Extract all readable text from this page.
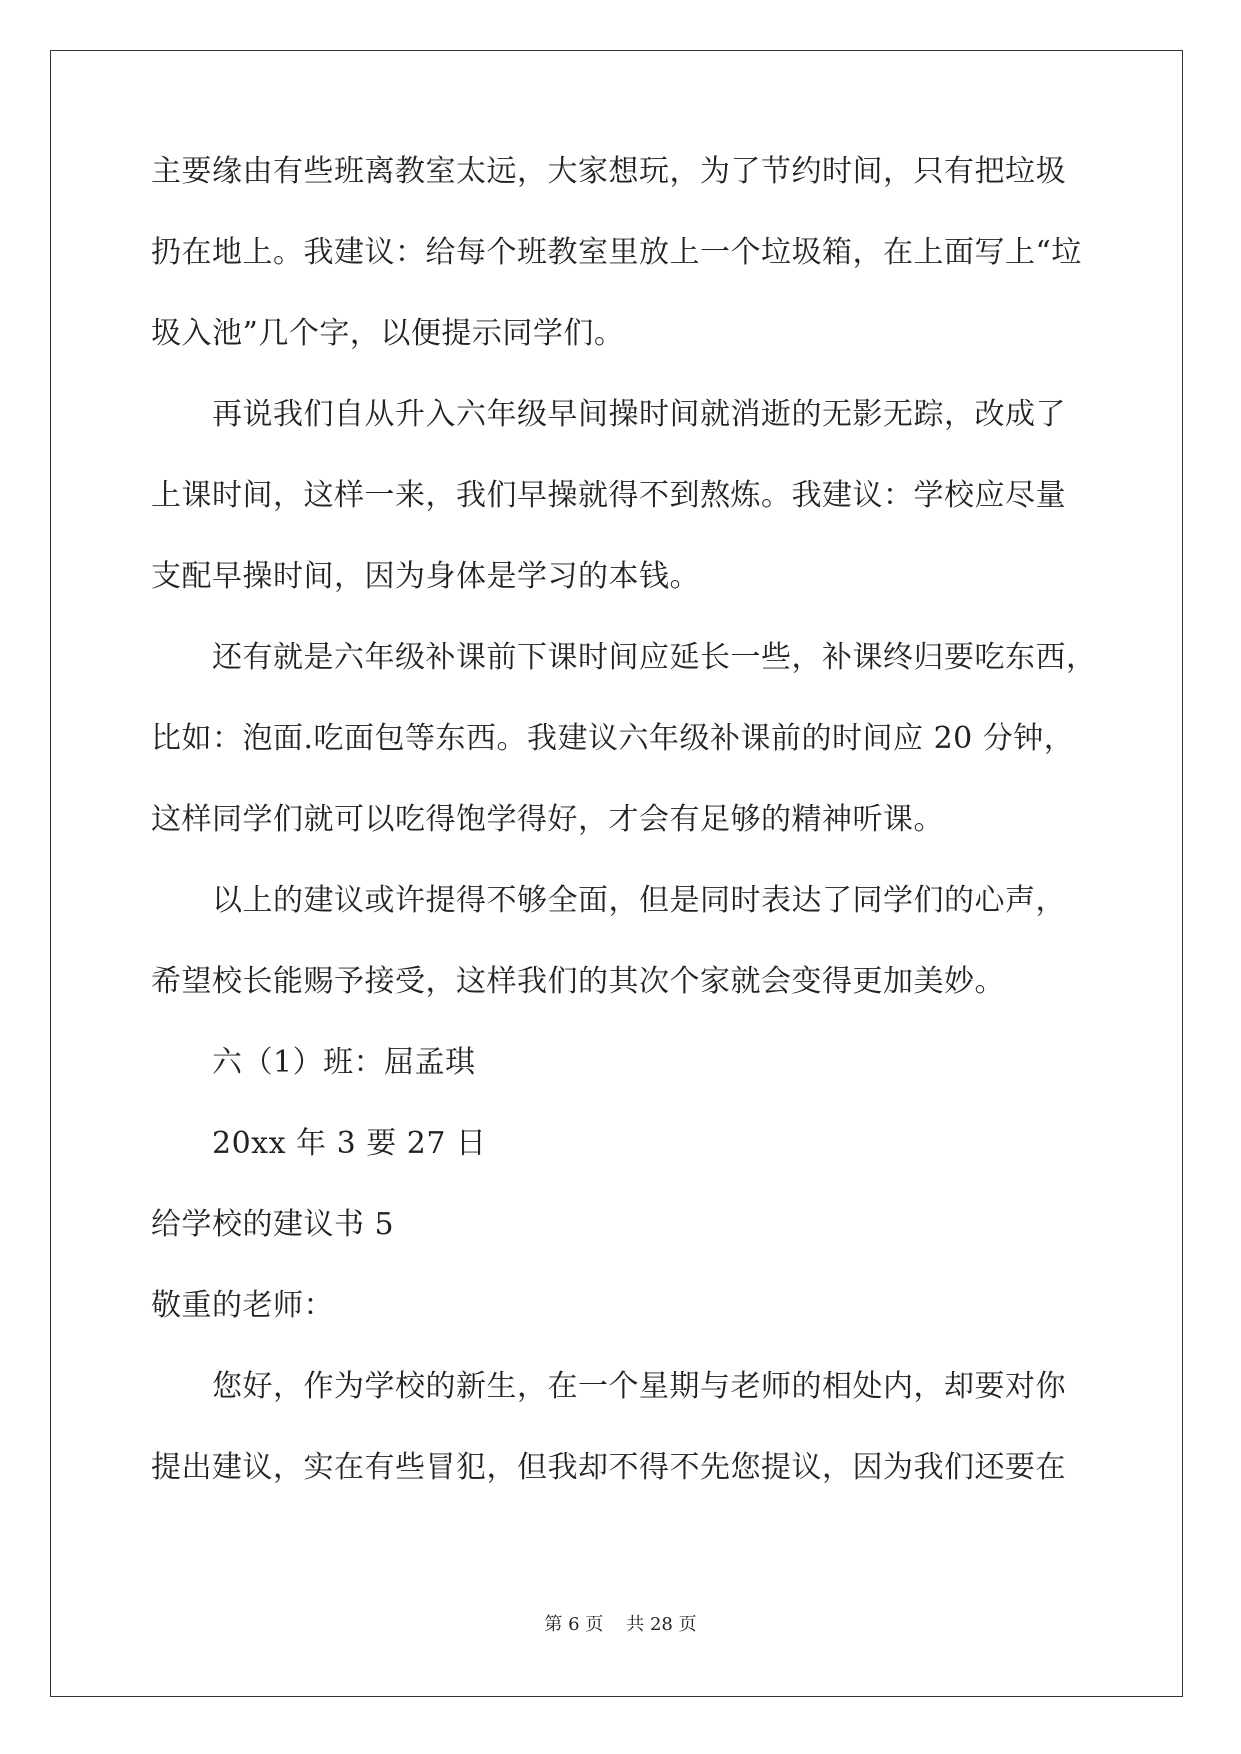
主要缘由有些班离教室太远，大家想玩，为了节约时间，只有把垃圾
扔在地上。我建议：给每个班教室里放上一个垃圾箱，在上面写上“垃
圾入池”几个字，以便提示同学们。
再说我们自从升入六年级早间操时间就消逝的无影无踪，改成了
上课时间，这样一来，我们早操就得不到熬炼。我建议：学校应尽量
支配早操时间，因为身体是学习的本钱。
还有就是六年级补课前下课时间应延长一些，补课终归要吃东西，
比如：泡面.吃面包等东西。我建议六年级补课前的时间应 20 分钟，
这样同学们就可以吃得饱学得好，才会有足够的精神听课。
以上的建议或许提得不够全面，但是同时表达了同学们的心声，
希望校长能赐予接受，这样我们的其次个家就会变得更加美妙。
六（1）班：屈孟琪
20xx 年 3 要 27 日
给学校的建议书 5
敬重的老师：
您好，作为学校的新生，在一个星期与老师的相处内，却要对你
提出建议，实在有些冒犯，但我却不得不先您提议，因为我们还要在
第 6 页 共 28 页
